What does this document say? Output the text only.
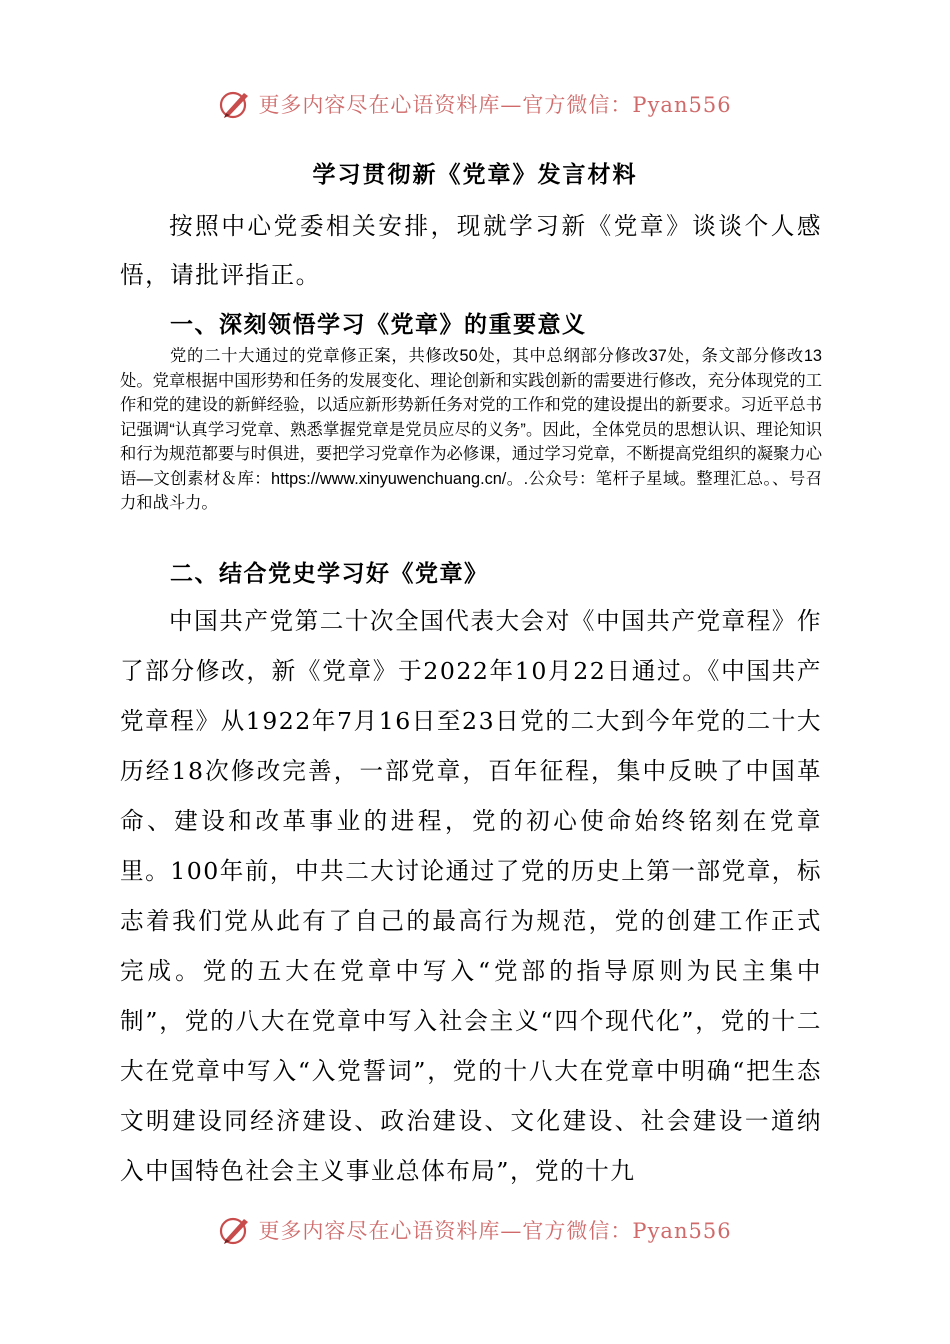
更多内容尽在心语资料库—官方微信：Pyan556
学习贯彻新《党章》发言材料
按照中心党委相关安排，现就学习新《党章》谈谈个人感悟，请批评指正。
一、深刻领悟学习《党章》的重要意义
党的二十大通过的党章修正案，共修改50处，其中总纲部分修改37处，条文部分修改13处。党章根据中国形势和任务的发展变化、理论创新和实践创新的需要进行修改，充分体现党的工作和党的建设的新鲜经验，以适应新形势新任务对党的工作和党的建设提出的新要求。习近平总书记强调“认真学习党章、熟悉掌握党章是党员应尽的义务”。因此，全体党员的思想认识、理论知识和行为规范都要与时俱进，要把学习党章作为必修课，通过学习党章，不断提高党组织的凝聚力心语—文创素材＆库：https://www.xinyuwenchuang.cn/。.公众号：笔杆子星域。整理汇总。、号召力和战斗力。
二、结合党史学习好《党章》
中国共产党第二十次全国代表大会对《中国共产党章程》作了部分修改，新《党章》于2022年10月22日通过。《中国共产党章程》从1922年7月16日至23日党的二大到今年党的二十大历经18次修改完善，一部党章，百年征程，集中反映了中国革命、建设和改革事业的进程，党的初心使命始终铭刻在党章里。100年前，中共二大讨论通过了党的历史上第一部党章，标志着我们党从此有了自己的最高行为规范，党的创建工作正式完成。党的五大在党章中写入“党部的指导原则为民主集中制”，党的八大在党章中写入社会主义“四个现代化”，党的十二大在党章中写入“入党誓词”，党的十八大在党章中明确“把生态文明建设同经济建设、政治建设、文化建设、社会建设一道纳入中国特色社会主义事业总体布局”，党的十九
更多内容尽在心语资料库—官方微信：Pyan556
